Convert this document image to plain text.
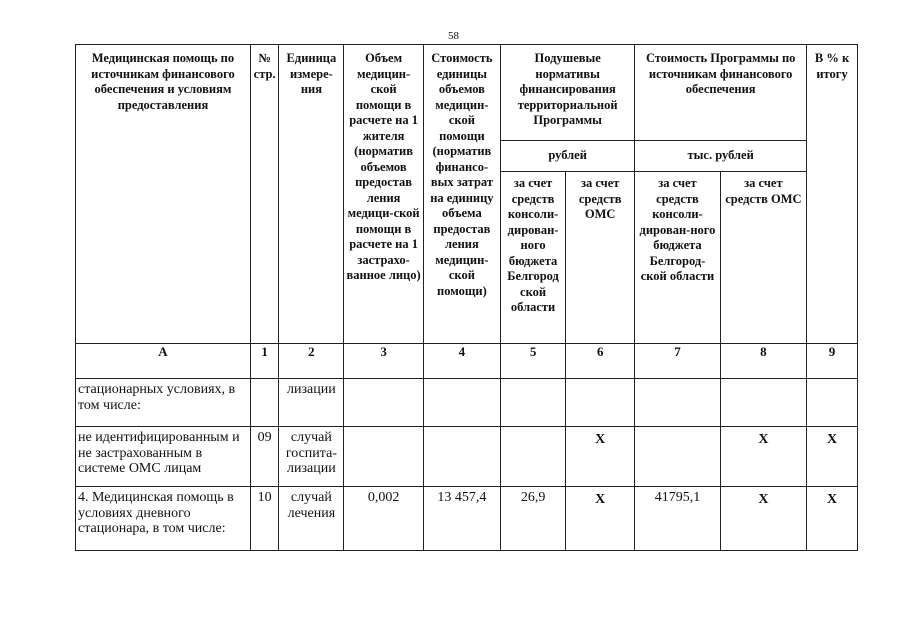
58
Медицинская помощь по источникам финансового обеспечения и условиям предоставления	№ стр.	Единица измере-ния	Объем медицин-ской помощи в расчете на 1 жителя (норматив объемов предостав ления медици-ской помощи в расчете на 1 застрахо-ванное лицо)	Стоимость единицы объемов медицин-ской помощи (норматив финансо-вых затрат на единицу объема предостав ления медицин-ской помощи)	Подушевые нормативы финансирования территориальной Программы		Стоимость Программы по источникам финансового обеспечения		В % к итогу
					рублей		тыс. рублей		
					за счет средств консоли-дирован-ного бюджета Белгород ской области	за счет средств ОМС	за счет средств консоли-дирован-ного бюджета Белгород-ской области	за счет средств ОМС	
А	1	2	3	4	5	6	7	8	9
стационарных условиях, в том числе:		лизации							
не идентифицированным и не застрахованным в системе ОМС лицам	09	случай госпита-лизации				X		X	X
4. Медицинская помощь в условиях дневного стационара, в том числе:	10	случай лечения	0,002	13 457,4	26,9	X	41795,1	X	X
